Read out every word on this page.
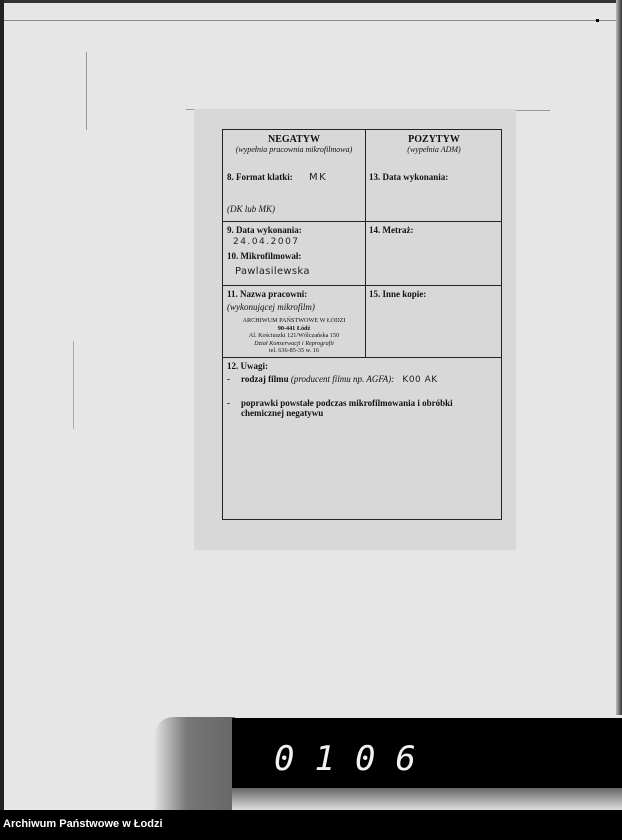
NEGATYW
(wypełnia pracownia mikrofilmowa)
8. Format klatki: MK
(DK lub MK)
POZYTYW
(wypełnia ADM)
13. Data wykonania:
9. Data wykonania:
24.04.2007
10. Mikrofilmował:
Pawlasilewska
14. Metraż:
11. Nazwa pracowni:
(wykonującej mikrofilm)
ARCHIWUM PAŃSTWOWE W ŁODZI
90-441 Łódź
Al. Kościuszki 121/Wólczańska 150
Dział Konserwacji i Reprografii
tel. 636-85-35 w. 16
15. Inne kopie:
12. Uwagi:
- rodzaj filmu (producent filmu np. AGFA): K00 AK
-	poprawki powstałe podczas mikrofilmowania i obróbki chemicznej negatywu
0106
Archiwum Państwowe w Łodzi
